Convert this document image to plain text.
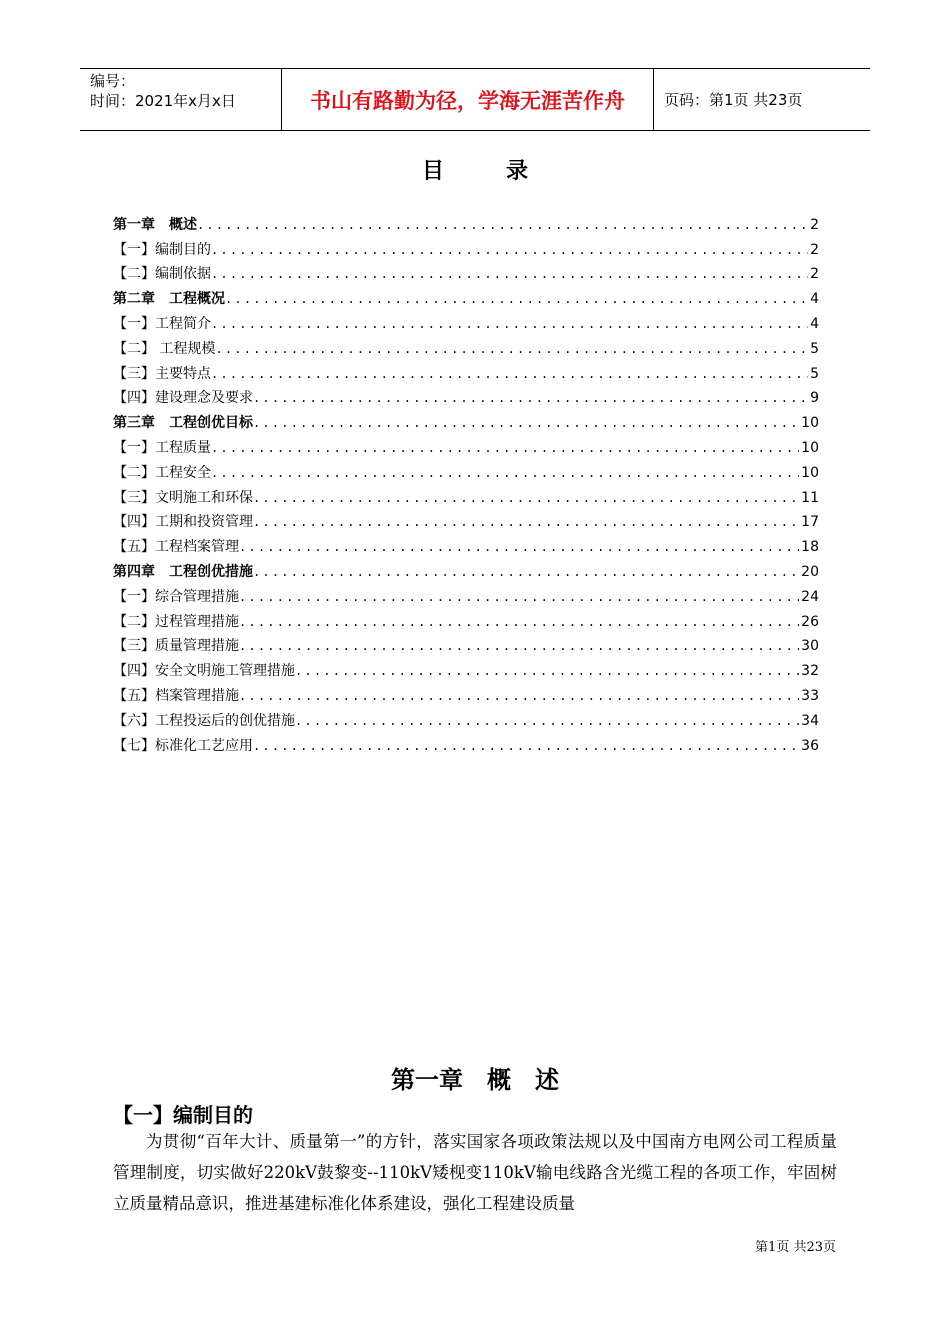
编号：
时间：2021年x月x日	书山有路勤为径，学海无涯苦作舟	页码：第1页 共23页
目录
第一章　概述 .....	2
【一】编制目的 .....	2
【二】编制依据 .....	2
第二章　工程概况 .....	4
【一】工程简介 .....	4
【二】 工程规模 .....	5
【三】主要特点 .....	5
【四】建设理念及要求 .....	9
第三章　工程创优目标 .....	10
【一】工程质量 .....	10
【二】工程安全 .....	10
【三】文明施工和环保 .....	11
【四】工期和投资管理 .....	17
【五】工程档案管理 .....	18
第四章　工程创优措施 .....	20
【一】综合管理措施 .....	24
【二】过程管理措施 .....	26
【三】质量管理措施 .....	30
【四】安全文明施工管理措施 .....	32
【五】档案管理措施 .....	33
【六】工程投运后的创优措施 .....	34
【七】标准化工艺应用 .....	36
第一章　概　述
【一】编制目的
为贯彻“百年大计、质量第一”的方针，落实国家各项政策法规以及中国南方电网公司工程质量管理制度，切实做好220kV鼓黎变--110kV矮枧变110kV输电线路含光缆工程的各项工作，牢固树立质量精品意识，推进基建标准化体系建设，强化工程建设质量
第1页 共23页
